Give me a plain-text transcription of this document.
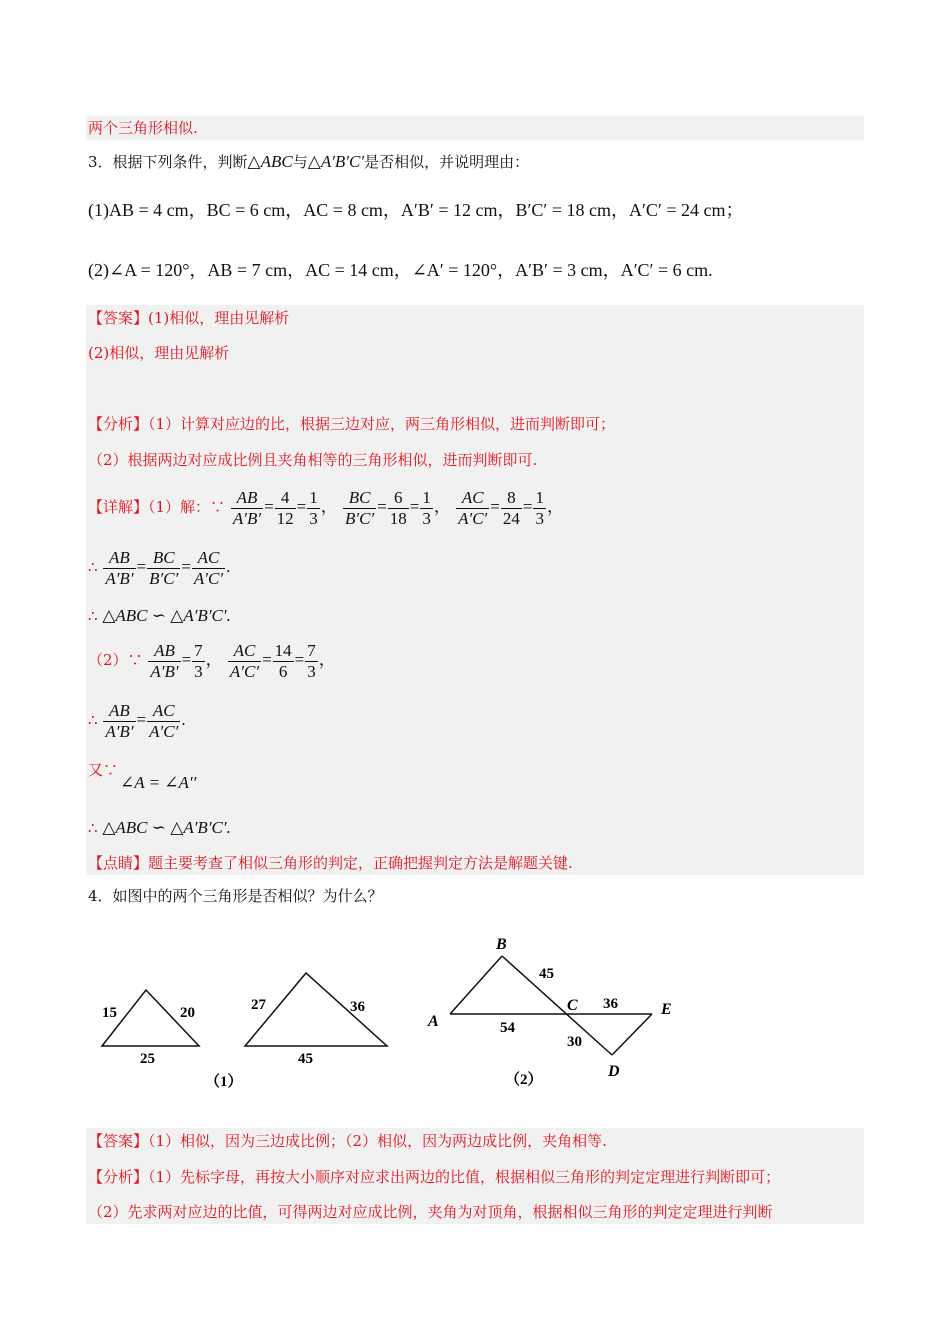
两个三角形相似.
3．根据下列条件，判断△ABC与△A′B′C′是否相似，并说明理由：
(1)AB = 4 cm，BC = 6 cm，AC = 8 cm，A′B′ = 12 cm，B′C′ = 18 cm，A′C′ = 24 cm；
(2)∠A = 120°，AB = 7 cm，AC = 14 cm，∠A′ = 120°，A′B′ = 3 cm，A′C′ = 6 cm.
【答案】(1)相似，理由见解析
(2)相似，理由见解析
【分析】（1）计算对应边的比，根据三边对应，两三角形相似，进而判断即可；
（2）根据两边对应成比例且夹角相等的三角形相似，进而判断即可.
【详解】（1）解：∵ $\frac{AB}{A'B'} = \frac{4}{12} = \frac{1}{3}$ ， $\frac{BC}{B'C'} = \frac{6}{18} = \frac{1}{3}$ ， $\frac{AC}{A'C'} = \frac{8}{24} = \frac{1}{3}$ ，
∴ $\frac{AB}{A'B'} = \frac{BC}{B'C'} = \frac{AC}{A'C'}$ .
∴ △ABC ∽ △A′B′C′.
（2）∵ $\frac{AB}{A'B'} = \frac{7}{3}$ ， $\frac{AC}{A'C'} = \frac{14}{6} = \frac{7}{3}$ ，
∴ $\frac{AB}{A'B'} = \frac{AC}{A'C'}$ .
又∵
∠A = ∠A′′
∴ △ABC ∽ △A′B′C′.
【点睛】题主要考查了相似三角形的判定，正确把握判定方法是解题关键.
4．如图中的两个三角形是否相似？为什么？
15	20
25
27	36
45
（1）
B
A
C	E
D
45
54
36
30
（2）
【答案】（1）相似，因为三边成比例；（2）相似，因为两边成比例，夹角相等.
【分析】（1）先标字母，再按大小顺序对应求出两边的比值，根据相似三角形的判定定理进行判断即可；
（2）先求两对应边的比值，可得两边对应成比例，夹角为对顶角，根据相似三角形的判定定理进行判断
